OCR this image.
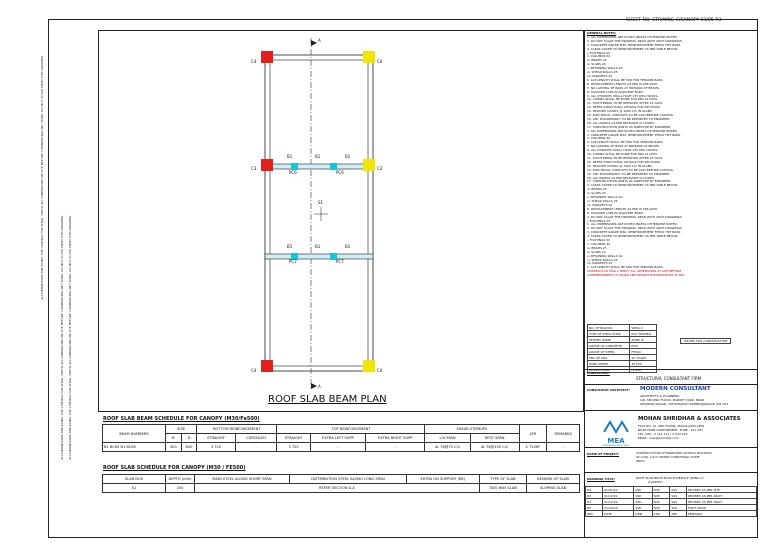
SHEET NO. STR/WNG C/CANOPY-03/05-R3
ALL DIMENSIONS ARE IN MM. THE CONTRACTOR SHALL CHECK ALL DIMENSIONS ON SITE BEFORE COMMENCING ANY WORK. DO NOT SCALE FROM THIS DRAWING. ALL DIMENSIONS ARE IN MM. THE CONTRACTOR SHALL CHECK ALL DIMENSIONS ON SITE BEFORE COMMENCING ANY WORK. DO NOT SCALE FROM THIS DRAWING.
ALL DIMENSIONS ARE IN MM. THE CONTRACTOR SHALL CHECK ALL DIMENSIONS ON SITE BEFORE COMMENCING ANY WORK. DO NOT SCALE FROM THIS DRAWING.	C4	C4
C3	C3
C4	C4
B1	B1	B1
PC6	PC6
B1	B1	B1
PC7	PC7
A
A
S1
ROOF SLAB BEAM PLAN
ROOF SLAB BEAM SCHEDULE FOR CANOPY (M30/Fe500)
BEAM NUMBERS	SIZE		BOTTOM REINFORCEMENT		TOP REINFORCEMENT			SHEAR STIRRUPS		SFR	REMARKS
	B	D	STRAIGHT	CURTAILED	STRAIGHT	EXTRA LEFT SUPP	EXTRA RIGHT SUPP	L/4 SPAN	REST SPAN		
B1 BC65 B1 BC65	300	600	3 T20	-	3 T20	-	-	4L T8@75 C/C	4L T8@150 C/C	2 T10EF	-
ROOF SLAB SCHEDULE FOR CANOPY (M30 / FE500)
SLAB NOS	DEPTH (mm)	MAIN STEEL ALONG SHORT SPAN	DISTRIBUTION STEEL ALONG LONG SPAN	EXTRA ON SUPPORT (BE)	TYPE OF SLAB	REMARK OF SLAB
S1	200	REFER SECTION A-A			TWO WAY SLAB	SLOPING SLAB
GENERAL NOTES:
1. ALL DIMENSIONS ARE IN MM UNLESS OTHERWISE NOTED.
2. DO NOT SCALE THE DRAWING. READ WITH ARCH DRAWINGS.
3. CONCRETE GRADE M30, REINFORCEMENT FE500 TMT BARS.
4. CLEAR COVER TO REINFORCEMENT AS PER TABLE BELOW.
i. FOOTINGS 50
ii. COLUMNS 40
iii. BEAMS 25
iv. SLABS 20
v. RETAINING WALLS 40
vi. SHEAR WALLS 25
vii. PARAPETS 20
5. LAP LENGTH SHALL BE 50D FOR TENSION BARS.
6. DEVELOPMENT LENGTH AS PER IS 456:2000.
7. NO LAPPING OF BARS AT MIDSPAN OF BEAMS.
8. STAGGER LAPS IN ADJACENT BARS.
9. ALL STIRRUPS SHALL HAVE 135 DEG HOOKS.
10. CURING SHALL BE DONE FOR MIN 14 DAYS.
11. SHUTTERING TO BE REMOVED AFTER 21 DAYS.
12. REFER STRUCTURAL DETAILS FOR SECTIONS.
13. PROVIDE CHAIRS @ 1000 C/C IN SLABS.
14. ELECTRICAL CONDUITS TO BE LAID BEFORE CASTING.
15. ANY DISCREPANCY TO BE REPORTED TO ENGINEER.
16. ALL WORKS AS PER RELEVANT IS CODES.
17. CONSTRUCTION JOINTS AS DIRECTED BY ENGINEER.
1. ALL DIMENSIONS ARE IN MM UNLESS OTHERWISE NOTED.
3. CONCRETE GRADE M30, REINFORCEMENT FE500 TMT BARS.
ii. COLUMNS 40
5. LAP LENGTH SHALL BE 50D FOR TENSION BARS.
7. NO LAPPING OF BARS AT MIDSPAN OF BEAMS.
9. ALL STIRRUPS SHALL HAVE 135 DEG HOOKS.
10. CURING SHALL BE DONE FOR MIN 14 DAYS.
11. SHUTTERING TO BE REMOVED AFTER 21 DAYS.
12. REFER STRUCTURAL DETAILS FOR SECTIONS.
13. PROVIDE CHAIRS @ 1000 C/C IN SLABS.
14. ELECTRICAL CONDUITS TO BE LAID BEFORE CASTING.
15. ANY DISCREPANCY TO BE REPORTED TO ENGINEER.
16. ALL WORKS AS PER RELEVANT IS CODES.
17. CONSTRUCTION JOINTS AS DIRECTED BY ENGINEER.
4. CLEAR COVER TO REINFORCEMENT AS PER TABLE BELOW.
iii. BEAMS 25
iv. SLABS 20
v. RETAINING WALLS 40
vi. SHEAR WALLS 25
vii. PARAPETS 20
6. DEVELOPMENT LENGTH AS PER IS 456:2000.
8. STAGGER LAPS IN ADJACENT BARS.
2. DO NOT SCALE THE DRAWING. READ WITH ARCH DRAWINGS.
i. FOOTINGS 50
1. ALL DIMENSIONS ARE IN MM UNLESS OTHERWISE NOTED.
2. DO NOT SCALE THE DRAWING. READ WITH ARCH DRAWINGS.
3. CONCRETE GRADE M30, REINFORCEMENT FE500 TMT BARS.
4. CLEAR COVER TO REINFORCEMENT AS PER TABLE BELOW.
i. FOOTINGS 50
ii. COLUMNS 40
iii. BEAMS 25
iv. SLABS 20
v. RETAINING WALLS 40
vi. SHEAR WALLS 25
vii. PARAPETS 20
5. LAP LENGTH SHALL BE 50D FOR TENSION BARS.
CONTRACTOR SHALL VERIFY ALL DIMENSIONS AT SITE BEFORE
COMMENCEMENT OF WORK AND REPORT DISCREPANCIES IF ANY.
NO. OF BLOCKS	WING C
TYPE OF STRUCTURE	RCC FRAMED
SEISMIC ZONE	ZONE III
GRADE OF CONCRETE	M30
GRADE OF STEEL	FE500
SBC OF SOIL	20 T/SQM
WIND SPEED	39 M/S
DESIGN CODE	IS 456
ISSUED FOR CONSTRUCTION
CONSULTANT:
STRUCTURAL CONSULTANT FIRM
CONSULTANT ARCHITECT: MODERN CONSULTANT
ARCHITECTS & PLANNERS
4-B, SECOND FLOOR, MARKET YARD, NEAR
SHANKAR NAGAR, CHHATRAPATI SAMBHAJINAGAR 431 001
MEA
ENGINEERING ASSOCIATES
MOHAN SHRIDHAR & ASSOCIATES
FLAT NO. 12, 3RD FLOOR, MAHALAXMI APTS
NEAR PUNE CANTONMENT, PUNE - 411 001
TEL: 020 - 2 111 111 / 2 222 222
EMAIL: msa@example.com
NAME OF PROJECT:	CONSTRUCTION OF PROPOSED SCHOOL BUILDING
AT S.NO. 1/2/3, PIMPRI CHINCHWAD, PUNE
INDIA
DRAWING TITLE:	ROOF SLAB BEAM PLAN SCHEDULE (WING C)
(CANOPY)
R3	01/01/23	SSD	SDP	SSS	REVISED AS PER SITE
R2	01/12/22	SSD	SDP	SSS	REVISED AS PER ARCH
R1	01/11/22	SSD	SDP	SSS	REVISED AS PER ARCH
R0	01/10/22	SSD	SDP	SSS	FIRST ISSUE
REV	DATE	DRN	CHK	APP	REMARKS
